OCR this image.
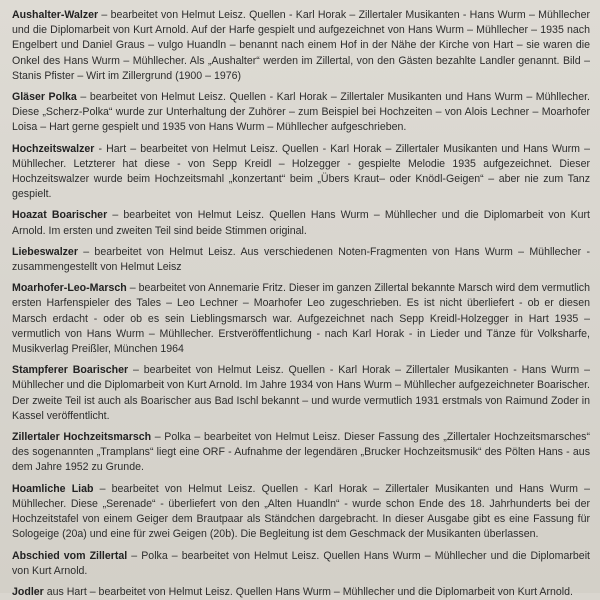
Aushalter-Walzer – bearbeitet von Helmut Leisz. Quellen - Karl Horak – Zillertaler Musikanten - Hans Wurm – Mühllecher und die Diplomarbeit von Kurt Arnold. Auf der Harfe gespielt und aufgezeichnet von Hans Wurm – Mühllecher – 1935 nach Engelbert und Daniel Graus – vulgo Huandln – benannt nach einem Hof in der Nähe der Kirche von Hart – sie waren die Onkel des Hans Wurm – Mühllecher. Als „Aushalter“ werden im Zillertal, von den Gästen bezahlte Landler genannt. Bild – Stanis Pfister – Wirt im Zillergrund (1900 – 1976)

Gläser Polka – bearbeitet von Helmut Leisz. Quellen - Karl Horak – Zillertaler Musikanten und Hans Wurm – Mühllecher. Diese „Scherz-Polka“ wurde zur Unterhaltung der Zuhörer – zum Beispiel bei Hochzeiten – von Alois Lechner – Moarhofer Loisa – Hart gerne gespielt und 1935 von Hans Wurm – Mühllecher aufgeschrieben.

Hochzeitswalzer - Hart – bearbeitet von Helmut Leisz. Quellen - Karl Horak – Zillertaler Musikanten und Hans Wurm – Mühllecher. Letzterer hat diese - von Sepp Kreidl – Holzegger - gespielte Melodie 1935 aufgezeichnet. Dieser Hochzeitswalzer wurde beim Hochzeitsmahl „konzertant“ beim „Übers Kraut– oder Knödl-Geigen“ – aber nie zum Tanz gespielt.

Hoazat Boarischer – bearbeitet von Helmut Leisz. Quellen Hans Wurm – Mühllecher und die Diplomarbeit von Kurt Arnold. Im ersten und zweiten Teil sind beide Stimmen original.

Liebeswalzer – bearbeitet von Helmut Leisz. Aus verschiedenen Noten-Fragmenten von Hans Wurm – Mühllecher - zusammengestellt von Helmut Leisz

Moarhofer-Leo-Marsch – bearbeitet von Annemarie Fritz. Dieser im ganzen Zillertal bekannte Marsch wird dem vermutlich ersten Harfenspieler des Tales – Leo Lechner – Moarhofer Leo zugeschrieben. Es ist nicht überliefert - ob er diesen Marsch erdacht - oder ob es sein Lieblingsmarsch war. Aufgezeichnet nach Sepp Kreidl-Holzegger in Hart 1935 – vermutlich von Hans Wurm – Mühllecher. Erstveröffentlichung - nach Karl Horak - in Lieder und Tänze für Volksharfe, Musikverlag Preißler, München 1964

Stampferer Boarischer – bearbeitet von Helmut Leisz. Quellen - Karl Horak – Zillertaler Musikanten - Hans Wurm – Mühllecher und die Diplomarbeit von Kurt Arnold. Im Jahre 1934 von Hans Wurm – Mühllecher aufgezeichneter Boarischer. Der zweite Teil ist auch als Boarischer aus Bad Ischl bekannt – und wurde vermutlich 1931 erstmals von Raimund Zoder in Kassel veröffentlicht.

Zillertaler Hochzeitsmarsch – Polka – bearbeitet von Helmut Leisz. Dieser Fassung des „Zillertaler Hochzeitsmarsches“ des sogenannten „Tramplans“ liegt eine ORF - Aufnahme der legendären „Brucker Hochzeitsmusik“ des Pölten Hans - aus dem Jahre 1952 zu Grunde.

Hoamliche Liab – bearbeitet von Helmut Leisz. Quellen - Karl Horak – Zillertaler Musikanten und Hans Wurm – Mühllecher. Diese „Serenade“ - überliefert von den „Alten Huandln“ - wurde schon Ende des 18. Jahrhunderts bei der Hochzeitstafel von einem Geiger dem Brautpaar als Ständchen dargebracht. In dieser Ausgabe gibt es eine Fassung für Sologeige (20a) und eine für zwei Geigen (20b). Die Begleitung ist dem Geschmack der Musikanten überlassen.

Abschied vom Zillertal – Polka – bearbeitet von Helmut Leisz. Quellen Hans Wurm – Mühllecher und die Diplomarbeit von Kurt Arnold.

Jodler aus Hart – bearbeitet von Helmut Leisz. Quellen Hans Wurm – Mühllecher und die Diplomarbeit von Kurt Arnold.
